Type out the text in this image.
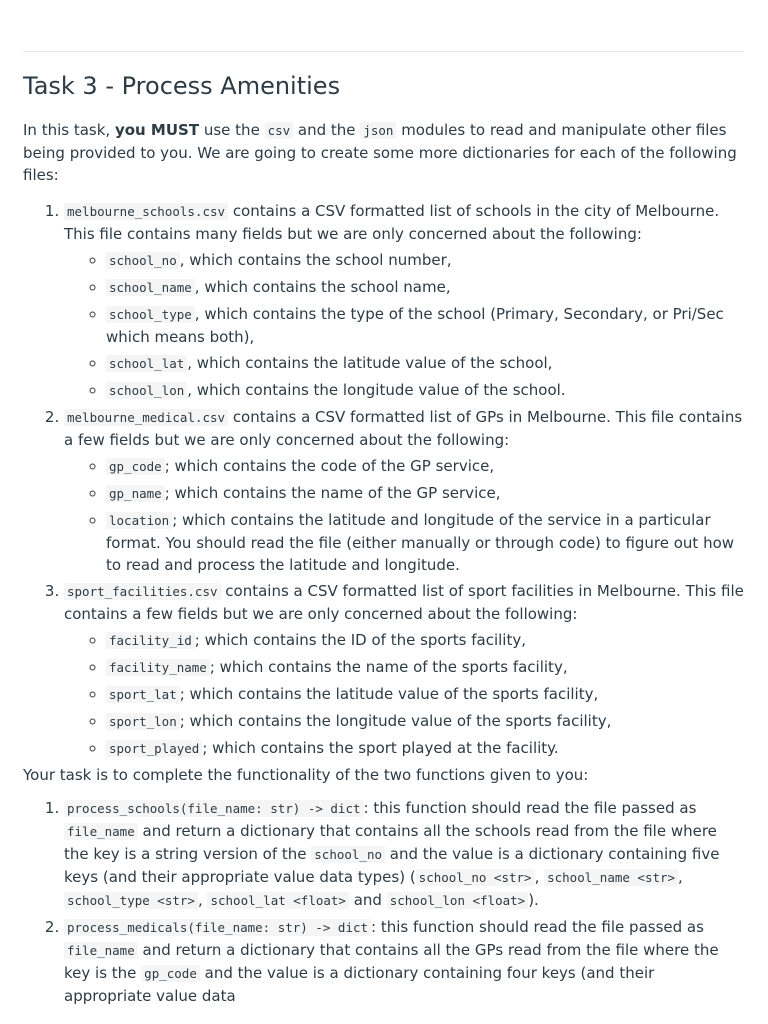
Task 3 - Process Amenities

In this task, you MUST use the csv and the json modules to read and manipulate other files being provided to you. We are going to create some more dictionaries for each of the following files:

1. melbourne_schools.csv contains a CSV formatted list of schools in the city of Melbourne. This file contains many fields but we are only concerned about the following:
◦ school_no , which contains the school number,
◦ school_name , which contains the school name,
◦ school_type , which contains the type of the school (Primary, Secondary, or Pri/Sec which means both),
◦ school_lat , which contains the latitude value of the school,
◦ school_lon , which contains the longitude value of the school.
2. melbourne_medical.csv contains a CSV formatted list of GPs in Melbourne. This file contains a few fields but we are only concerned about the following:
◦ gp_code ; which contains the code of the GP service,
◦ gp_name ; which contains the name of the GP service,
◦ location ; which contains the latitude and longitude of the service in a particular format. You should read the file (either manually or through code) to figure out how to read and process the latitude and longitude.
3. sport_facilities.csv contains a CSV formatted list of sport facilities in Melbourne. This file contains a few fields but we are only concerned about the following:
◦ facility_id ; which contains the ID of the sports facility,
◦ facility_name ; which contains the name of the sports facility,
◦ sport_lat ; which contains the latitude value of the sports facility,
◦ sport_lon ; which contains the longitude value of the sports facility,
◦ sport_played ; which contains the sport played at the facility.

Your task is to complete the functionality of the two functions given to you:

1. process_schools(file_name: str) -> dict : this function should read the file passed as file_name and return a dictionary that contains all the schools read from the file where the key is a string version of the school_no and the value is a dictionary containing five keys (and their appropriate value data types) ( school_no <str> , school_name <str> , school_type <str> , school_lat <float> and school_lon <float> ).
2. process_medicals(file_name: str) -> dict : this function should read the file passed as file_name and return a dictionary that contains all the GPs read from the file where the key is the gp_code and the value is a dictionary containing four keys (and their appropriate value data
